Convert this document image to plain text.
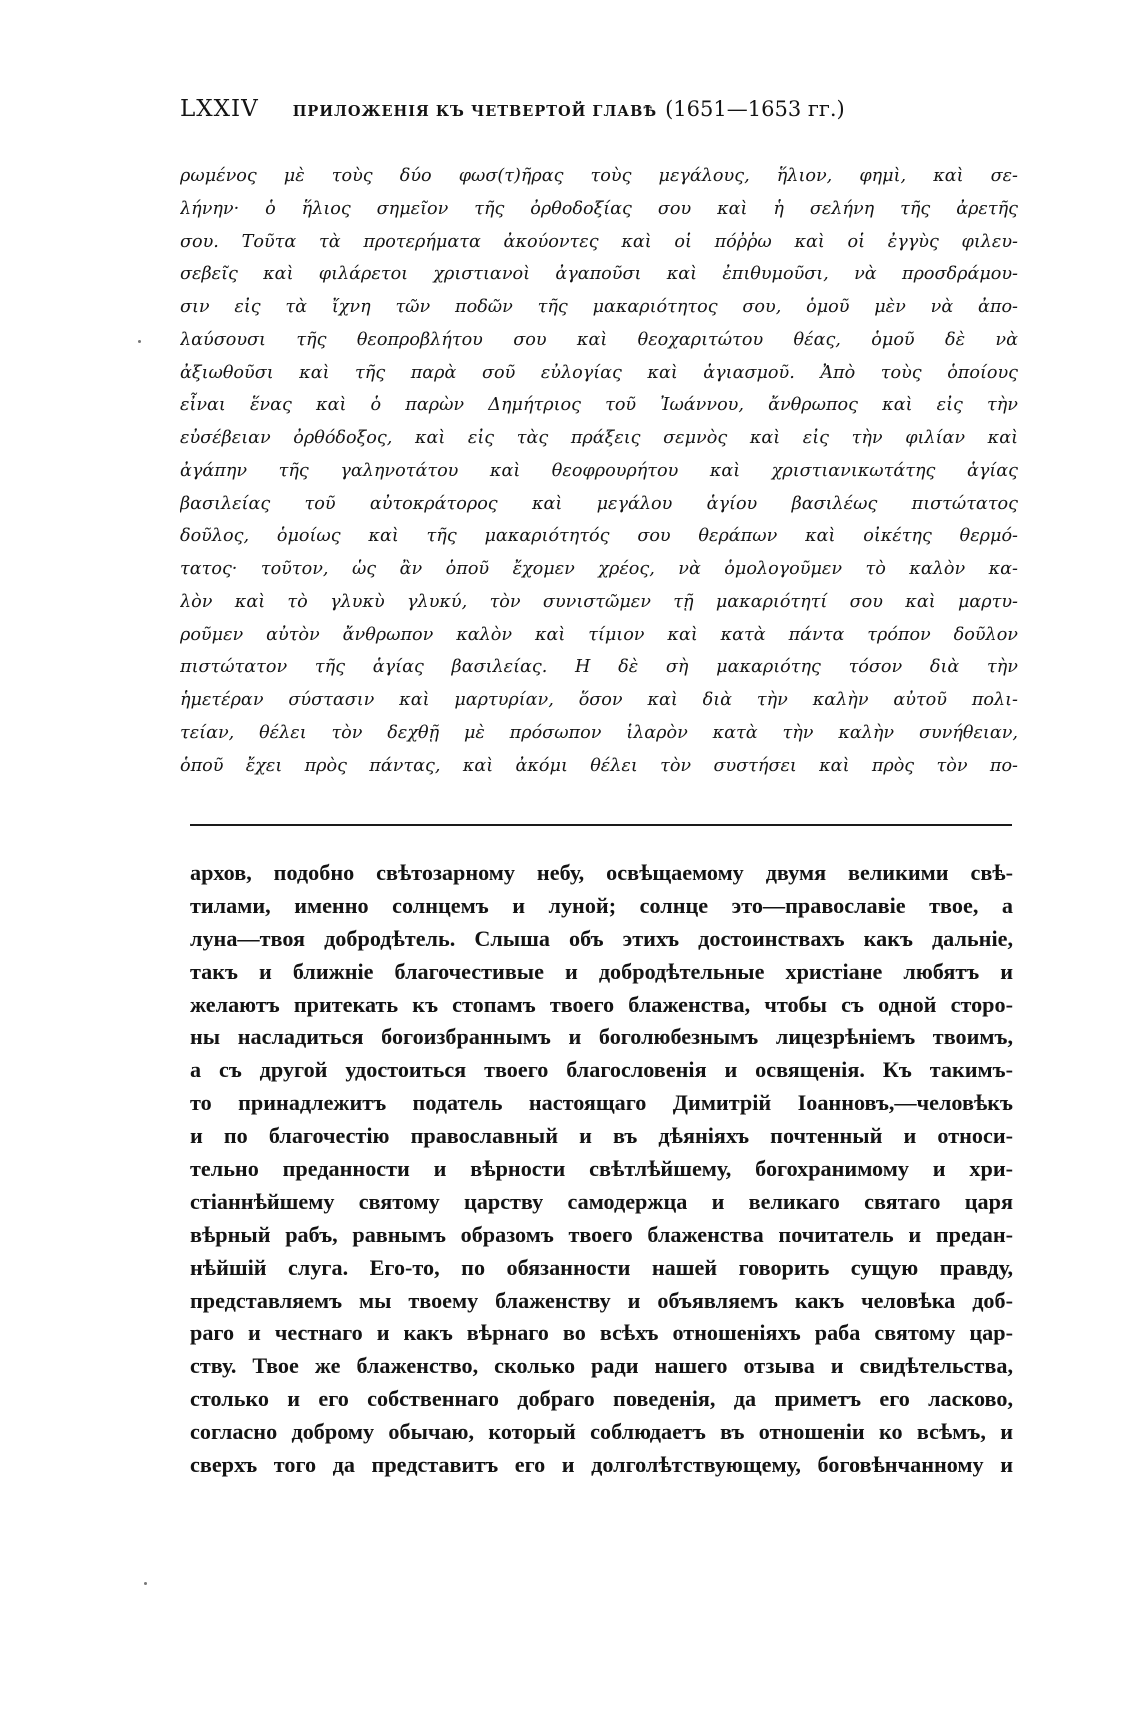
LXXIV ПРИЛОЖЕНІЯ КЪ ЧЕТВЕРТОЙ ГЛАВѢ (1651—1653 гг.)
ρωμένος μὲ τοὺς δύο φωσ(τ)ῆρας τοὺς μεγάλους, ἥλιον, φημὶ, καὶ σε-
λήνην· ὁ ἥλιος σημεῖον τῆς ὀρθοδοξίας σου καὶ ἡ σελήνη τῆς ἀρετῆς
σου. Τοῦτα τὰ προτερήματα ἀκούοντες καὶ οἱ πόῤῥω καὶ οἱ ἐγγὺς φιλευ-
σεβεῖς καὶ φιλάρετοι χριστιανοὶ ἀγαποῦσι καὶ ἐπιθυμοῦσι, νὰ προσδράμου-
σιν εἰς τὰ ἴχνη τῶν ποδῶν τῆς μακαριότητος σου, ὁμοῦ μὲν νὰ ἀπο-
λαύσουσι τῆς θεοπροβλήτου σου καὶ θεοχαριτώτου θέας, ὁμοῦ δὲ νὰ
ἀξιωθοῦσι καὶ τῆς παρὰ σοῦ εὐλογίας καὶ ἁγιασμοῦ. Ἀπὸ τοὺς ὁποίους
εἶναι ἕνας καὶ ὁ παρὼν Δημήτριος τοῦ Ἰωάννου, ἄνθρωπος καὶ εἰς τὴν
εὐσέβειαν ὀρθόδοξος, καὶ εἰς τὰς πράξεις σεμνὸς καὶ εἰς τὴν φιλίαν καὶ
ἀγάπην τῆς γαληνοτάτου καὶ θεοφρουρήτου καὶ χριστιανικωτάτης ἁγίας
βασιλείας τοῦ αὐτοκράτορος καὶ μεγάλου ἁγίου βασιλέως πιστώτατος
δοῦλος, ὁμοίως καὶ τῆς μακαριότητός σου θεράπων καὶ οἰκέτης θερμό-
τατος· τοῦτον, ὡς ἂν ὁποῦ ἔχομεν χρέος, νὰ ὁμολογοῦμεν τὸ καλὸν κα-
λὸν καὶ τὸ γλυκὺ γλυκύ, τὸν συνιστῶμεν τῇ μακαριότητί σου καὶ μαρτυ-
ροῦμεν αὐτὸν ἄνθρωπον καλὸν καὶ τίμιον καὶ κατὰ πάντα τρόπον δοῦλον
πιστώτατον τῆς ἁγίας βασιλείας. Η δὲ σὴ μακαριότης τόσον διὰ τὴν
ἡμετέραν σύστασιν καὶ μαρτυρίαν, ὅσον καὶ διὰ τὴν καλὴν αὐτοῦ πολι-
τείαν, θέλει τὸν δεχθῇ μὲ πρόσωπον ἱλαρὸν κατὰ τὴν καλὴν συνήθειαν,
ὁποῦ ἔχει πρὸς πάντας, καὶ ἀκόμι θέλει τὸν συστήσει καὶ πρὸς τὸν πο-
архов, подобно свѣтозарному небу, освѣщаемому двумя великими свѣ-
тилами, именно солнцемъ и луной; солнце это—православіе твое, а
луна—твоя добродѣтель. Слыша объ этихъ достоинствахъ какъ дальніе,
такъ и ближніе благочестивые и добродѣтельные христіане любятъ и
желаютъ притекать къ стопамъ твоего блаженства, чтобы съ одной сторо-
ны насладиться богоизбраннымъ и боголюбезнымъ лицезрѣніемъ твоимъ,
а съ другой удостоиться твоего благословенія и освященія. Къ такимъ-
то принадлежитъ податель настоящаго Димитрій Іоанновъ,—человѣкъ
и по благочестію православный и въ дѣяніяхъ почтенный и относи-
тельно преданности и вѣрности свѣтлѣйшему, богохранимому и хри-
стіаннѣйшему святому царству самодержца и великаго святаго царя
вѣрный рабъ, равнымъ образомъ твоего блаженства почитатель и предан-
нѣйшій слуга. Его-то, по обязанности нашей говорить сущую правду,
представляемъ мы твоему блаженству и объявляемъ какъ человѣка доб-
раго и честнаго и какъ вѣрнаго во всѣхъ отношеніяхъ раба святому цар-
ству. Твое же блаженство, сколько ради нашего отзыва и свидѣтельства,
столько и его собственнаго добраго поведенія, да приметъ его ласково,
согласно доброму обычаю, который соблюдаетъ въ отношеніи ко всѣмъ, и
сверхъ того да представитъ его и долголѣтствующему, боговѣнчанному и
